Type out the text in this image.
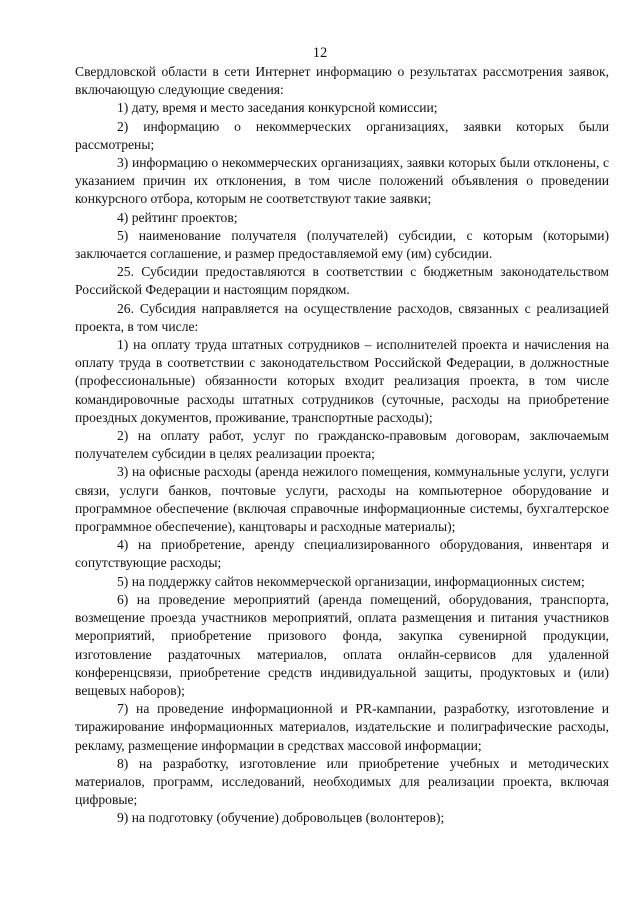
12

Свердловской области в сети Интернет информацию о результатах рассмотрения заявок, включающую следующие сведения:

1) дату, время и место заседания конкурсной комиссии;

2) информацию о некоммерческих организациях, заявки которых были рассмотрены;

3) информацию о некоммерческих организациях, заявки которых были отклонены, с указанием причин их отклонения, в том числе положений объявления о проведении конкурсного отбора, которым не соответствуют такие заявки;

4) рейтинг проектов;

5) наименование получателя (получателей) субсидии, с которым (которыми) заключается соглашение, и размер предоставляемой ему (им) субсидии.

25. Субсидии предоставляются в соответствии с бюджетным законодательством Российской Федерации и настоящим порядком.

26. Субсидия направляется на осуществление расходов, связанных с реализацией проекта, в том числе:

1) на оплату труда штатных сотрудников – исполнителей проекта и начисления на оплату труда в соответствии с законодательством Российской Федерации, в должностные (профессиональные) обязанности которых входит реализация проекта, в том числе командировочные расходы штатных сотрудников (суточные, расходы на приобретение проездных документов, проживание, транспортные расходы);

2) на оплату работ, услуг по гражданско-правовым договорам, заключаемым получателем субсидии в целях реализации проекта;

3) на офисные расходы (аренда нежилого помещения, коммунальные услуги, услуги связи, услуги банков, почтовые услуги, расходы на компьютерное оборудование и программное обеспечение (включая справочные информационные системы, бухгалтерское программное обеспечение), канцтовары и расходные материалы);

4) на приобретение, аренду специализированного оборудования, инвентаря и сопутствующие расходы;

5) на поддержку сайтов некоммерческой организации, информационных систем;

6) на проведение мероприятий (аренда помещений, оборудования, транспорта, возмещение проезда участников мероприятий, оплата размещения и питания участников мероприятий, приобретение призового фонда, закупка сувенирной продукции, изготовление раздаточных материалов, оплата онлайн-сервисов для удаленной конференцсвязи, приобретение средств индивидуальной защиты, продуктовых и (или) вещевых наборов);

7) на проведение информационной и PR-кампании, разработку, изготовление и тиражирование информационных материалов, издательские и полиграфические расходы, рекламу, размещение информации в средствах массовой информации;

8) на разработку, изготовление или приобретение учебных и методических материалов, программ, исследований, необходимых для реализации проекта, включая цифровые;

9) на подготовку (обучение) добровольцев (волонтеров);
